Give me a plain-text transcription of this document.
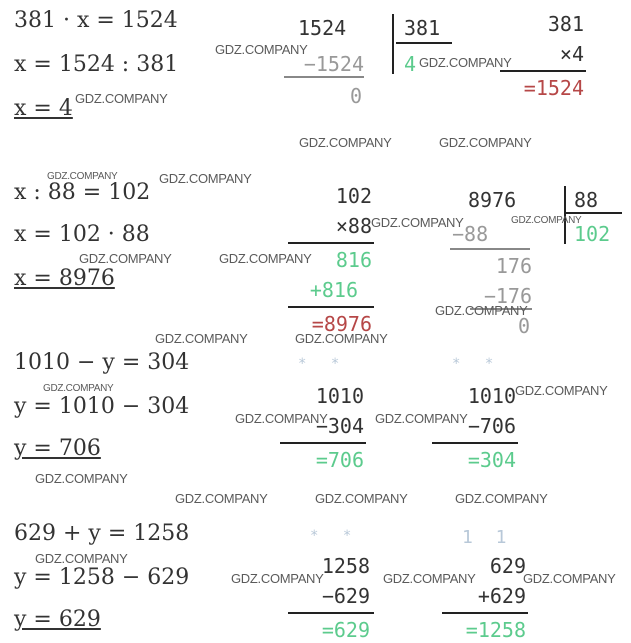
381 · x = 1524
x = 1524 : 381
x = 4
1524	381
4
−1524
0
381
×4
=1524
x : 88 = 102
x = 102 · 88
x = 8976
102
×88
816
+816
=8976
8976	88
102
−88
176
−176
0
1010 − y = 304
y = 1010 − 304
y = 706
* *
1010
−304
=706
* *
1010
−706
=304
629 + y = 1258
y = 1258 − 629
y = 629
* *
1258
−629
=629
1 1
629
+629
=1258
GDZ.COMPANY
GDZ.COMPANY
GDZ.COMPANY
GDZ.COMPANY	GDZ.COMPANY
GDZ.COMPANY	GDZ.COMPANY
GDZ.COMPANY	GDZ.COMPANY
GDZ.COMPANY	GDZ.COMPANY
GDZ.COMPANY
GDZ.COMPANY	GDZ.COMPANY
GDZ.COMPANY	GDZ.COMPANY
GDZ.COMPANY	GDZ.COMPANY
GDZ.COMPANY
GDZ.COMPANY	GDZ.COMPANY	GDZ.COMPANY
GDZ.COMPANY
GDZ.COMPANY	GDZ.COMPANY	GDZ.COMPANY
